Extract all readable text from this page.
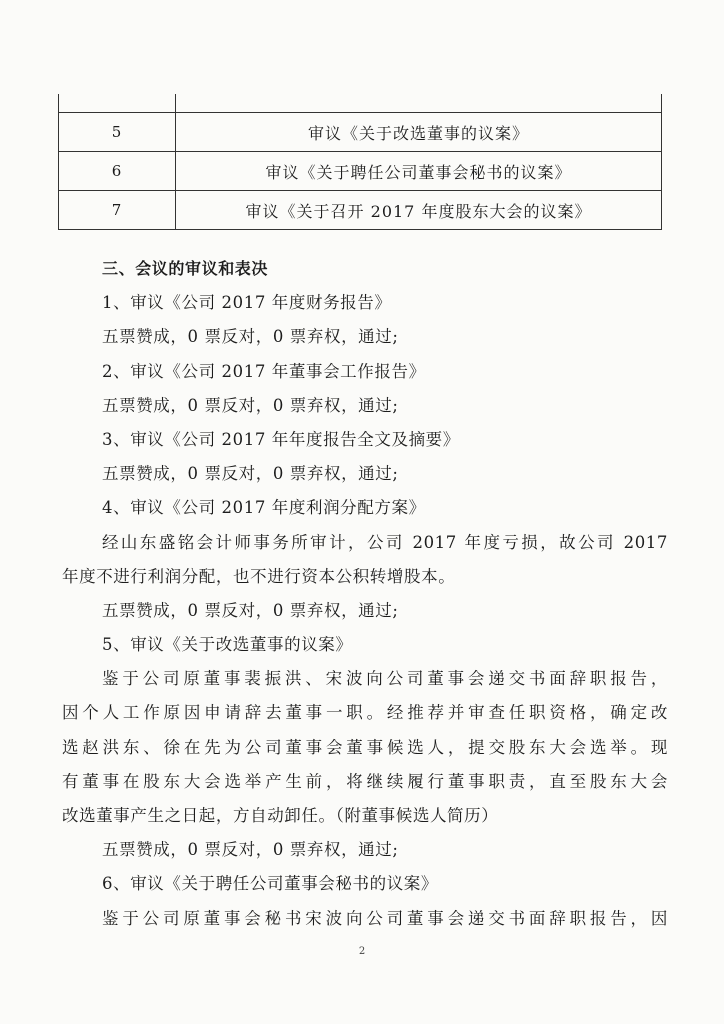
5	审议《关于改选董事的议案》
6	审议《关于聘任公司董事会秘书的议案》
7	审议《关于召开 2017 年度股东大会的议案》
三、会议的审议和表决
1、审议《公司 2017 年度财务报告》
五票赞成，0 票反对，0 票弃权，通过;
2、审议《公司 2017 年董事会工作报告》
五票赞成，0 票反对，0 票弃权，通过;
3、审议《公司 2017 年年度报告全文及摘要》
五票赞成，0 票反对，0 票弃权，通过;
4、审议《公司 2017 年度利润分配方案》
经山东盛铭会计师事务所审计，公司 2017 年度亏损，故公司 2017
年度不进行利润分配，也不进行资本公积转增股本。
五票赞成，0 票反对，0 票弃权，通过;
5、审议《关于改选董事的议案》
鉴于公司原董事裴振洪、宋波向公司董事会递交书面辞职报告，
因个人工作原因申请辞去董事一职。经推荐并审查任职资格，确定改
选赵洪东、徐在先为公司董事会董事候选人，提交股东大会选举。现
有董事在股东大会选举产生前，将继续履行董事职责，直至股东大会
改选董事产生之日起，方自动卸任。（附董事候选人简历）
五票赞成，0 票反对，0 票弃权，通过;
6、审议《关于聘任公司董事会秘书的议案》
鉴于公司原董事会秘书宋波向公司董事会递交书面辞职报告，因
2
